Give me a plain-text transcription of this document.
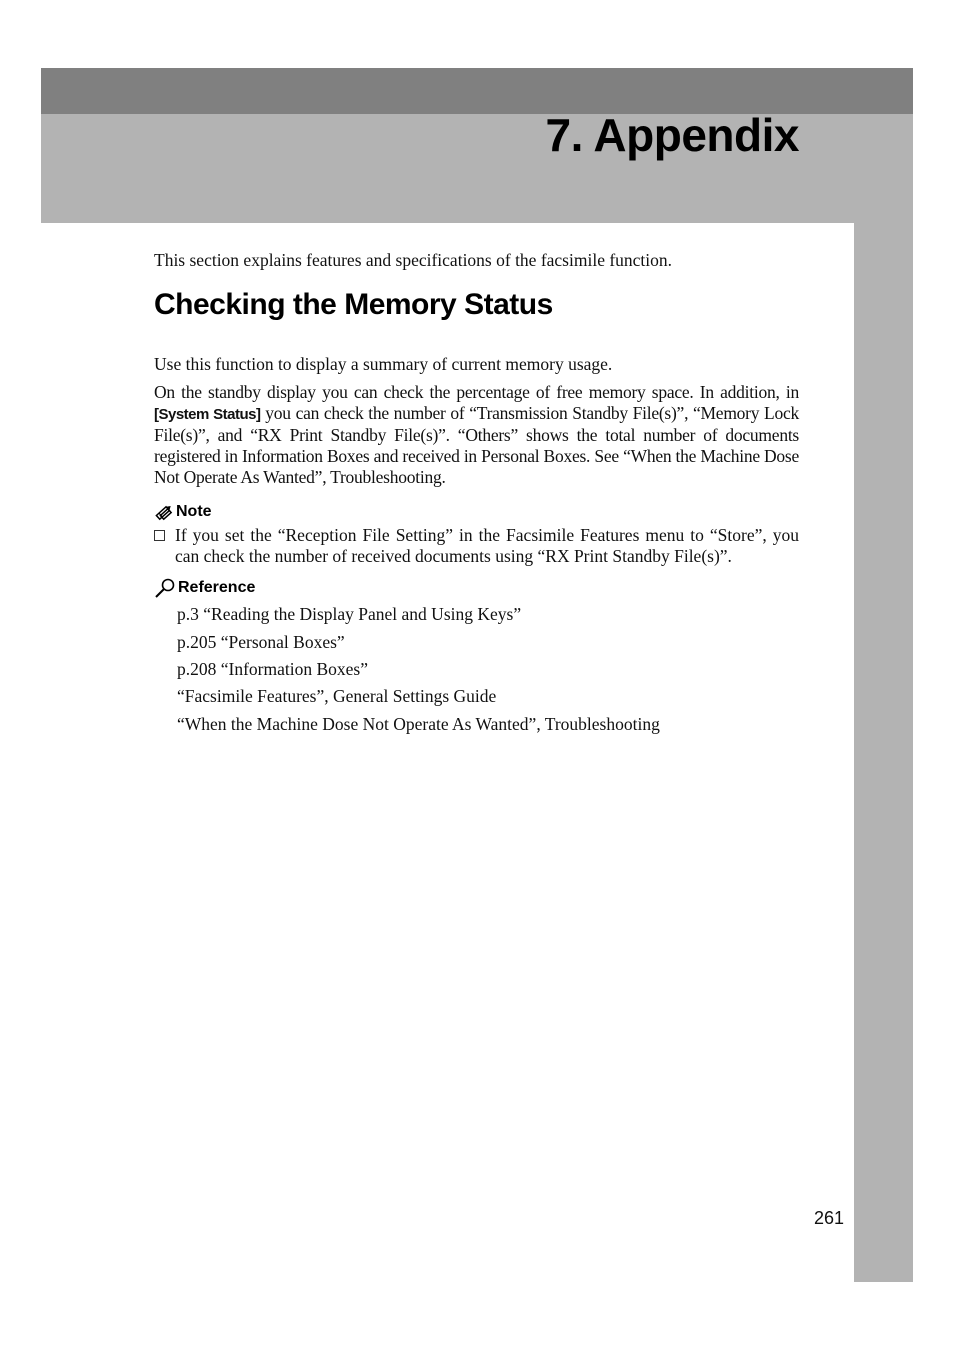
7. Appendix

This section explains features and specifications of the facsimile function.

Checking the Memory Status

Use this function to display a summary of current memory usage.

On the standby display you can check the percentage of free memory space. In addition, in [System Status] you can check the number of “Transmission Standby File(s)”, “Memory Lock File(s)”, and “RX Print Standby File(s)”. “Others” shows the total number of documents registered in Information Boxes and received in Personal Boxes. See “When the Machine Dose Not Operate As Wanted”, Troubleshooting.

Note

If you set the “Reception File Setting” in the Facsimile Features menu to “Store”, you can check the number of received documents using “RX Print Standby File(s)”.

Reference
p.3 “Reading the Display Panel and Using Keys”
p.205 “Personal Boxes”
p.208 “Information Boxes”
“Facsimile Features”, General Settings Guide
“When the Machine Dose Not Operate As Wanted”, Troubleshooting
261
